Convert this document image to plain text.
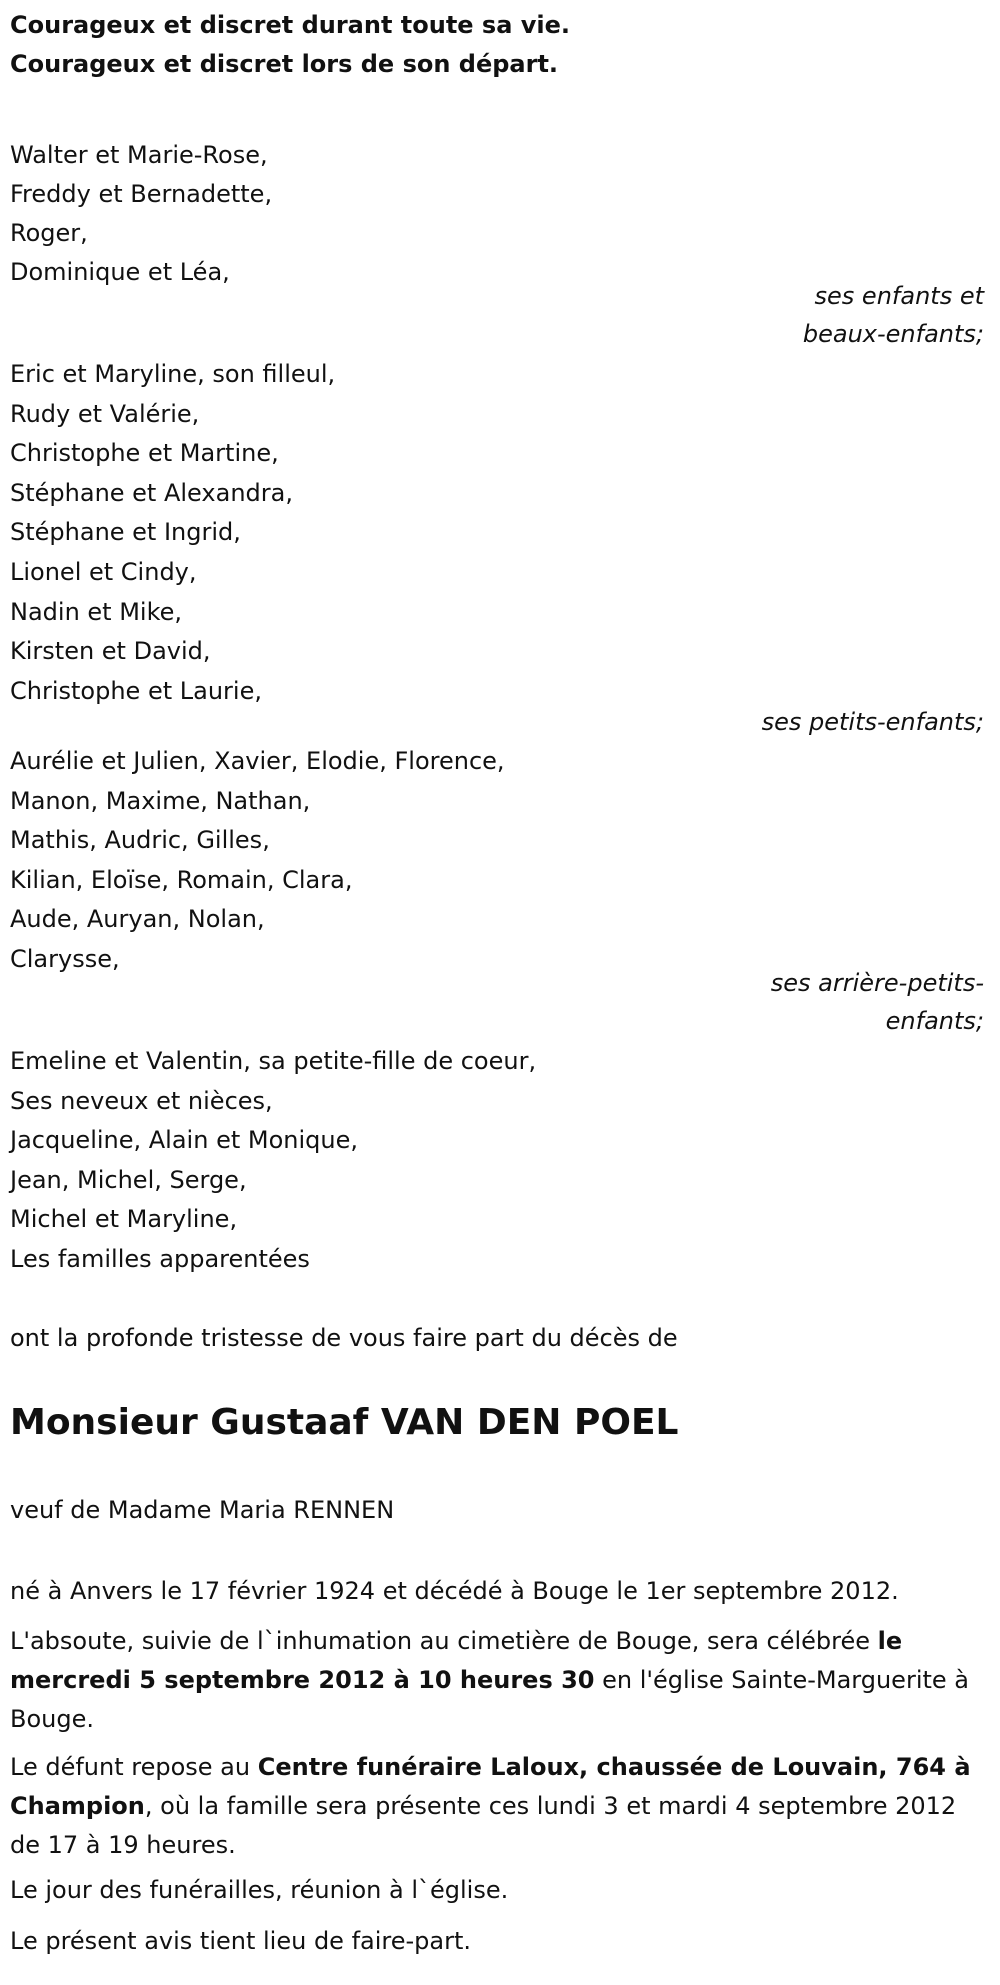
Courageux et discret durant toute sa vie.
Courageux et discret lors de son départ.
Walter et Marie-Rose,
Freddy et Bernadette,
Roger,
Dominique et Léa,
ses enfants et
beaux-enfants;
Eric et Maryline, son filleul,
Rudy et Valérie,
Christophe et Martine,
Stéphane et Alexandra,
Stéphane et Ingrid,
Lionel et Cindy,
Nadin et Mike,
Kirsten et David,
Christophe et Laurie,
ses petits-enfants;
Aurélie et Julien, Xavier, Elodie, Florence,
Manon, Maxime, Nathan,
Mathis, Audric, Gilles,
Kilian, Eloïse, Romain, Clara,
Aude, Auryan, Nolan,
Clarysse,
ses arrière-petits-
enfants;
Emeline et Valentin, sa petite-fille de coeur,
Ses neveux et nièces,
Jacqueline, Alain et Monique,
Jean, Michel, Serge,
Michel et Maryline,
Les familles apparentées
ont la profonde tristesse de vous faire part du décès de
Monsieur Gustaaf VAN DEN POEL
veuf de Madame Maria RENNEN
né à Anvers le 17 février 1924 et décédé à Bouge le 1er septembre 2012.
L'absoute, suivie de l`inhumation au cimetière de Bouge, sera célébrée le mercredi 5 septembre 2012 à 10 heures 30 en l'église Sainte-Marguerite à Bouge.
Le défunt repose au Centre funéraire Laloux, chaussée de Louvain, 764 à Champion, où la famille sera présente ces lundi 3 et mardi 4 septembre 2012 de 17 à 19 heures.
Le jour des funérailles, réunion à l`église.
Le présent avis tient lieu de faire-part.
